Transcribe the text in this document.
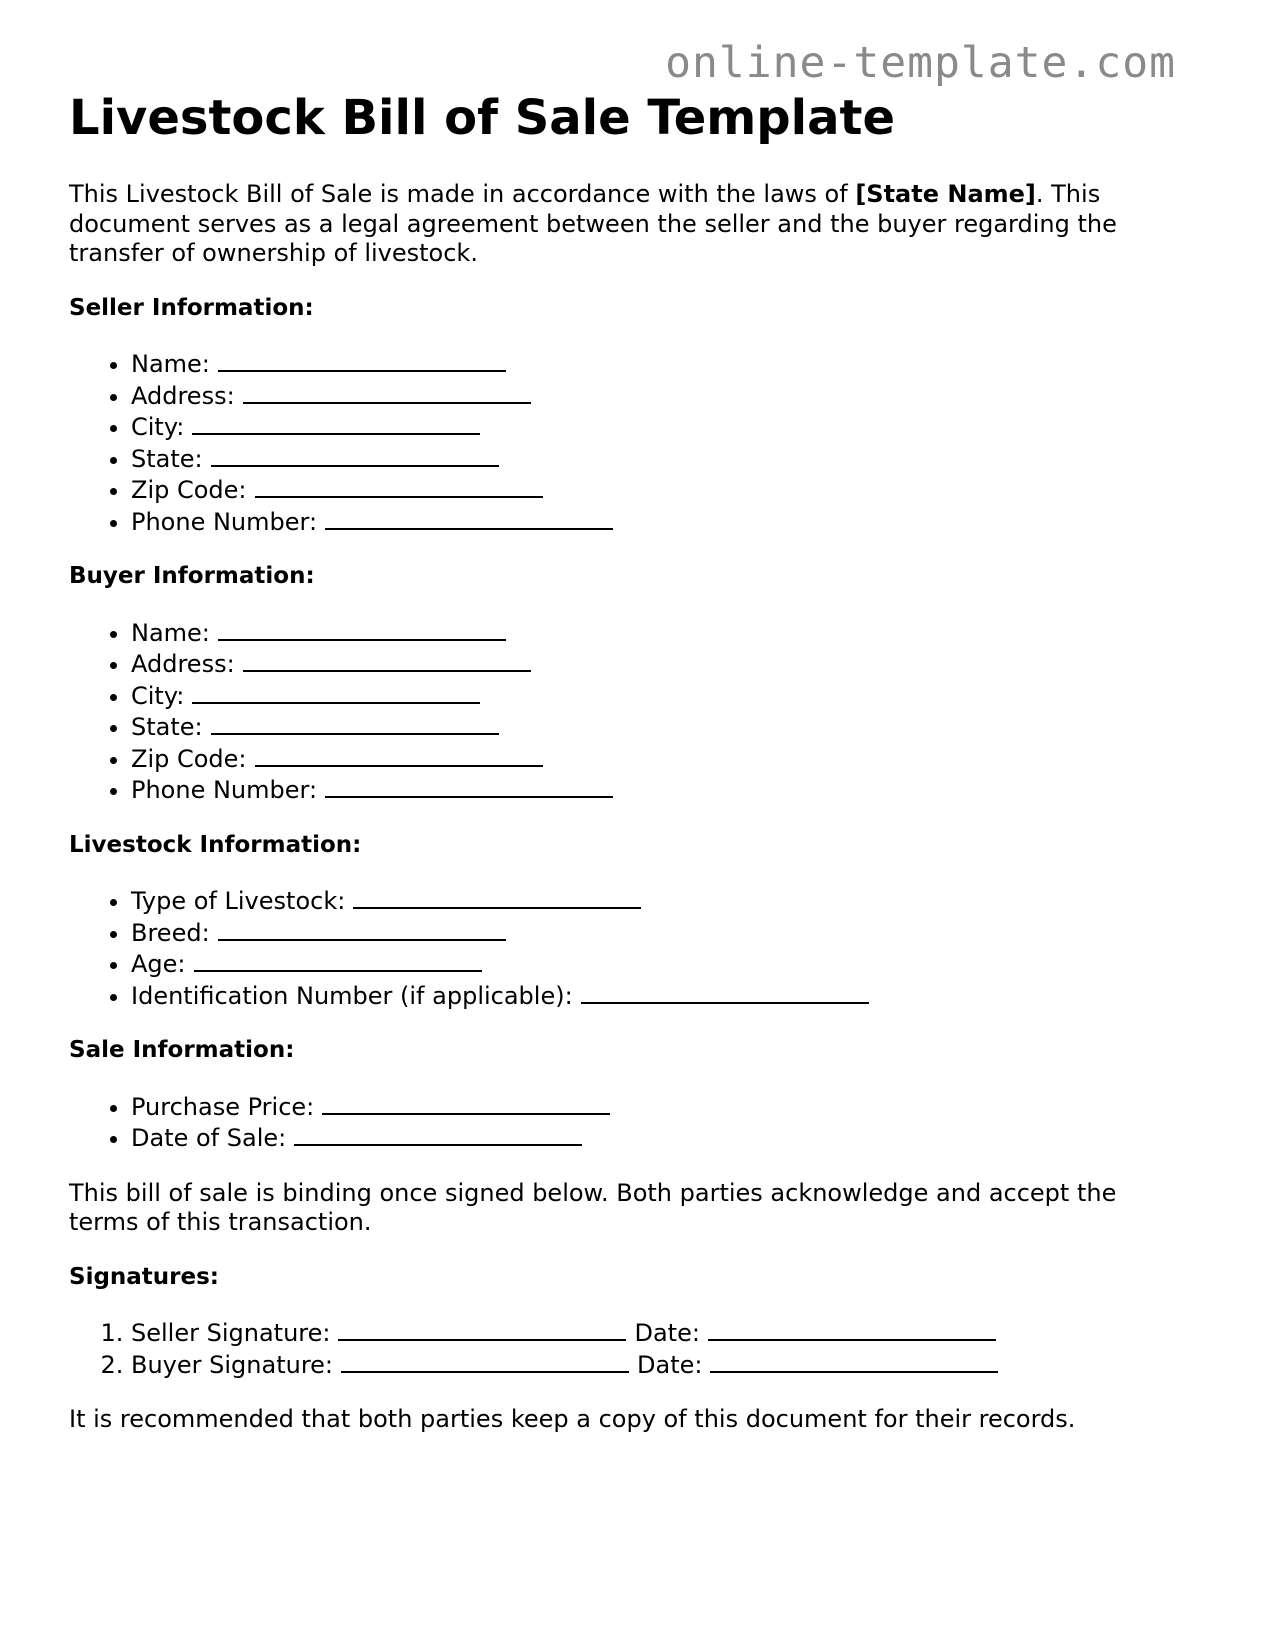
online-template.com
Livestock Bill of Sale Template

This Livestock Bill of Sale is made in accordance with the laws of [State Name]. This document serves as a legal agreement between the seller and the buyer regarding the transfer of ownership of livestock.

Seller Information:
• Name:
• Address:
• City:
• State:
• Zip Code:
• Phone Number:
Buyer Information:
• Name:
• Address:
• City:
• State:
• Zip Code:
• Phone Number:
Livestock Information:
• Type of Livestock:
• Breed:
• Age:
• Identification Number (if applicable):
Sale Information:
• Purchase Price:
• Date of Sale:

This bill of sale is binding once signed below. Both parties acknowledge and accept the terms of this transaction.

Signatures:
1. Seller Signature:	Date:
2. Buyer Signature:	Date:

It is recommended that both parties keep a copy of this document for their records.
